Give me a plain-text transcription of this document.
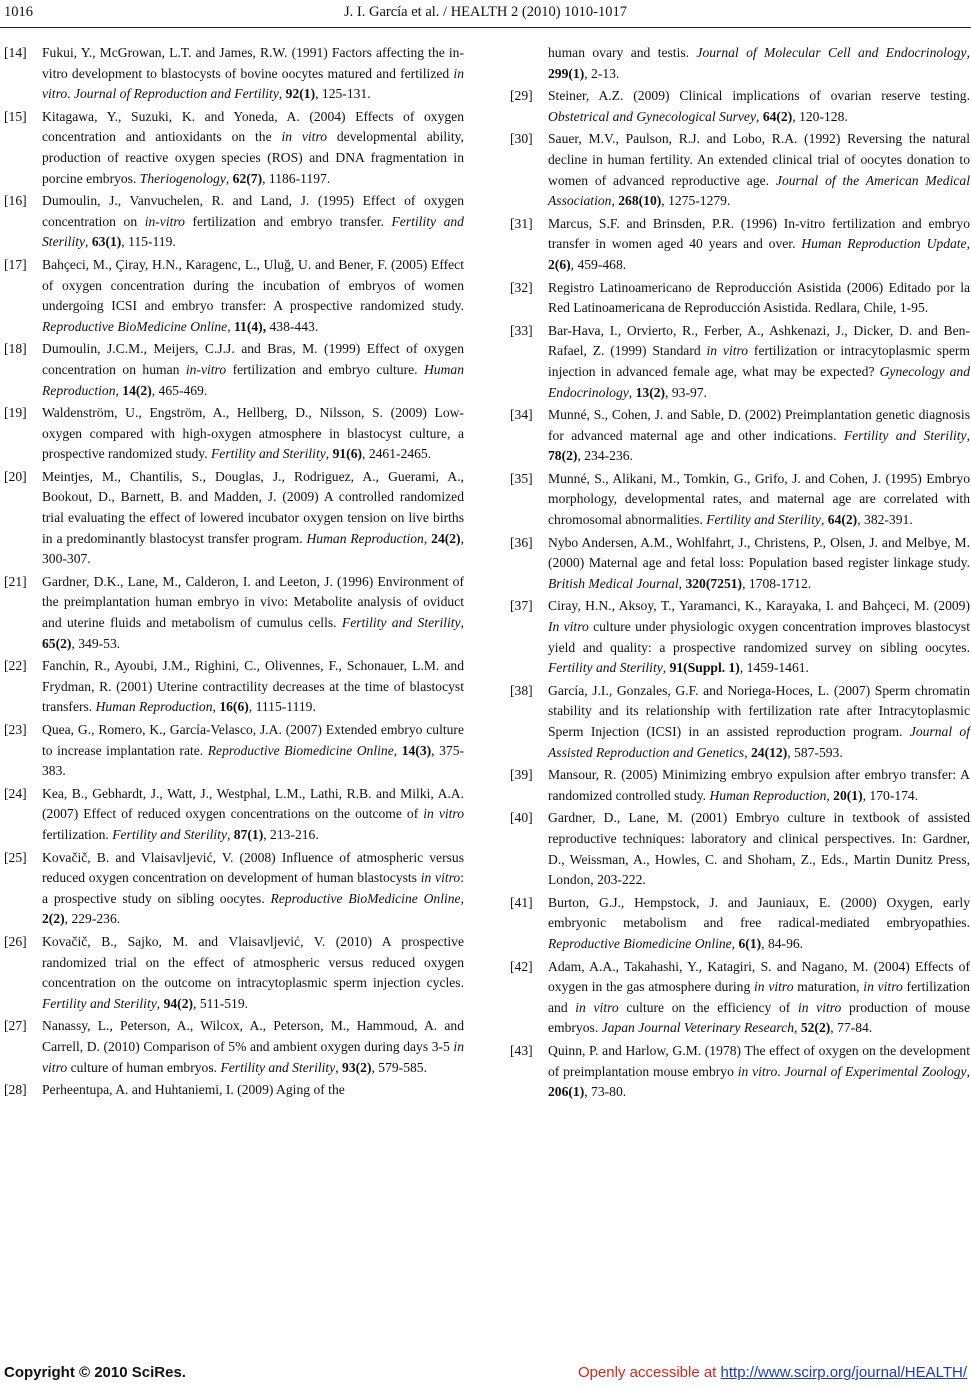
1016	J. I. García et al. / HEALTH 2 (2010) 1010-1017
[14] Fukui, Y., McGrowan, L.T. and James, R.W. (1991) Factors affecting the in-vitro development to blastocysts of bovine oocytes matured and fertilized in vitro. Journal of Reproduction and Fertility, 92(1), 125-131.
[15] Kitagawa, Y., Suzuki, K. and Yoneda, A. (2004) Effects of oxygen concentration and antioxidants on the in vitro developmental ability, production of reactive oxygen species (ROS) and DNA fragmentation in porcine embryos. Theriogenology, 62(7), 1186-1197.
[16] Dumoulin, J., Vanvuchelen, R. and Land, J. (1995) Effect of oxygen concentration on in-vitro fertilization and embryo transfer. Fertility and Sterility, 63(1), 115-119.
[17] Bahçeci, M., Çiray, H.N., Karagenc, L., Uluğ, U. and Bener, F. (2005) Effect of oxygen concentration during the incubation of embryos of women undergoing ICSI and embryo transfer: A prospective randomized study. Reproductive BioMedicine Online, 11(4), 438-443.
[18] Dumoulin, J.C.M., Meijers, C.J.J. and Bras, M. (1999) Effect of oxygen concentration on human in-vitro fertilization and embryo culture. Human Reproduction, 14(2), 465-469.
[19] Waldenström, U., Engström, A., Hellberg, D., Nilsson, S. (2009) Low-oxygen compared with high-oxygen atmosphere in blastocyst culture, a prospective randomized study. Fertility and Sterility, 91(6), 2461-2465.
[20] Meintjes, M., Chantilis, S., Douglas, J., Rodriguez, A., Guerami, A., Bookout, D., Barnett, B. and Madden, J. (2009) A controlled randomized trial evaluating the effect of lowered incubator oxygen tension on live births in a predominantly blastocyst transfer program. Human Reproduction, 24(2), 300-307.
[21] Gardner, D.K., Lane, M., Calderon, I. and Leeton, J. (1996) Environment of the preimplantation human embryo in vivo: Metabolite analysis of oviduct and uterine fluids and metabolism of cumulus cells. Fertility and Sterility, 65(2), 349-53.
[22] Fanchin, R., Ayoubi, J.M., Righini, C., Olivennes, F., Schonauer, L.M. and Frydman, R. (2001) Uterine contractility decreases at the time of blastocyst transfers. Human Reproduction, 16(6), 1115-1119.
[23] Quea, G., Romero, K., García-Velasco, J.A. (2007) Extended embryo culture to increase implantation rate. Reproductive Biomedicine Online, 14(3), 375-383.
[24] Kea, B., Gebhardt, J., Watt, J., Westphal, L.M., Lathi, R.B. and Milki, A.A. (2007) Effect of reduced oxygen concentrations on the outcome of in vitro fertilization. Fertility and Sterility, 87(1), 213-216.
[25] Kovačič, B. and Vlaisavljević, V. (2008) Influence of atmospheric versus reduced oxygen concentration on development of human blastocysts in vitro: a prospective study on sibling oocytes. Reproductive BioMedicine Online, 2(2), 229-236.
[26] Kovačič, B., Sajko, M. and Vlaisavljević, V. (2010) A prospective randomized trial on the effect of atmospheric versus reduced oxygen concentration on the outcome on intracytoplasmic sperm injection cycles. Fertility and Sterility, 94(2), 511-519.
[27] Nanassy, L., Peterson, A., Wilcox, A., Peterson, M., Hammoud, A. and Carrell, D. (2010) Comparison of 5% and ambient oxygen during days 3-5 in vitro culture of human embryos. Fertility and Sterility, 93(2), 579-585.
[28] Perheentupa, A. and Huhtaniemi, I. (2009) Aging of the
human ovary and testis. Journal of Molecular Cell and Endocrinology, 299(1), 2-13.
[29] Steiner, A.Z. (2009) Clinical implications of ovarian reserve testing. Obstetrical and Gynecological Survey, 64(2), 120-128.
[30] Sauer, M.V., Paulson, R.J. and Lobo, R.A. (1992) Reversing the natural decline in human fertility. An extended clinical trial of oocytes donation to women of advanced reproductive age. Journal of the American Medical Association, 268(10), 1275-1279.
[31] Marcus, S.F. and Brinsden, P.R. (1996) In-vitro fertilization and embryo transfer in women aged 40 years and over. Human Reproduction Update, 2(6), 459-468.
[32] Registro Latinoamericano de Reproducción Asistida (2006) Editado por la Red Latinoamericana de Reproducción Asistida. Redlara, Chile, 1-95.
[33] Bar-Hava, I., Orvierto, R., Ferber, A., Ashkenazi, J., Dicker, D. and Ben-Rafael, Z. (1999) Standard in vitro fertilization or intracytoplasmic sperm injection in advanced female age, what may be expected? Gynecology and Endocrinology, 13(2), 93-97.
[34] Munné, S., Cohen, J. and Sable, D. (2002) Preimplantation genetic diagnosis for advanced maternal age and other indications. Fertility and Sterility, 78(2), 234-236.
[35] Munné, S., Alikani, M., Tomkin, G., Grifo, J. and Cohen, J. (1995) Embryo morphology, developmental rates, and maternal age are correlated with chromosomal abnormalities. Fertility and Sterility, 64(2), 382-391.
[36] Nybo Andersen, A.M., Wohlfahrt, J., Christens, P., Olsen, J. and Melbye, M. (2000) Maternal age and fetal loss: Population based register linkage study. British Medical Journal, 320(7251), 1708-1712.
[37] Ciray, H.N., Aksoy, T., Yaramanci, K., Karayaka, I. and Bahçeci, M. (2009) In vitro culture under physiologic oxygen concentration improves blastocyst yield and quality: a prospective randomized survey on sibling oocytes. Fertility and Sterility, 91(Suppl. 1), 1459-1461.
[38] García, J.I., Gonzales, G.F. and Noriega-Hoces, L. (2007) Sperm chromatin stability and its relationship with fertilization rate after Intracytoplasmic Sperm Injection (ICSI) in an assisted reproduction program. Journal of Assisted Reproduction and Genetics, 24(12), 587-593.
[39] Mansour, R. (2005) Minimizing embryo expulsion after embryo transfer: A randomized controlled study. Human Reproduction, 20(1), 170-174.
[40] Gardner, D., Lane, M. (2001) Embryo culture in textbook of assisted reproductive techniques: laboratory and clinical perspectives. In: Gardner, D., Weissman, A., Howles, C. and Shoham, Z., Eds., Martin Dunitz Press, London, 203-222.
[41] Burton, G.J., Hempstock, J. and Jauniaux, E. (2000) Oxygen, early embryonic metabolism and free radical-mediated embryopathies. Reproductive Biomedicine Online, 6(1), 84-96.
[42] Adam, A.A., Takahashi, Y., Katagiri, S. and Nagano, M. (2004) Effects of oxygen in the gas atmosphere during in vitro maturation, in vitro fertilization and in vitro culture on the efficiency of in vitro production of mouse embryos. Japan Journal Veterinary Research, 52(2), 77-84.
[43] Quinn, P. and Harlow, G.M. (1978) The effect of oxygen on the development of preimplantation mouse embryo in vitro. Journal of Experimental Zoology, 206(1), 73-80.
Copyright © 2010 SciRes.	Openly accessible at http://www.scirp.org/journal/HEALTH/
